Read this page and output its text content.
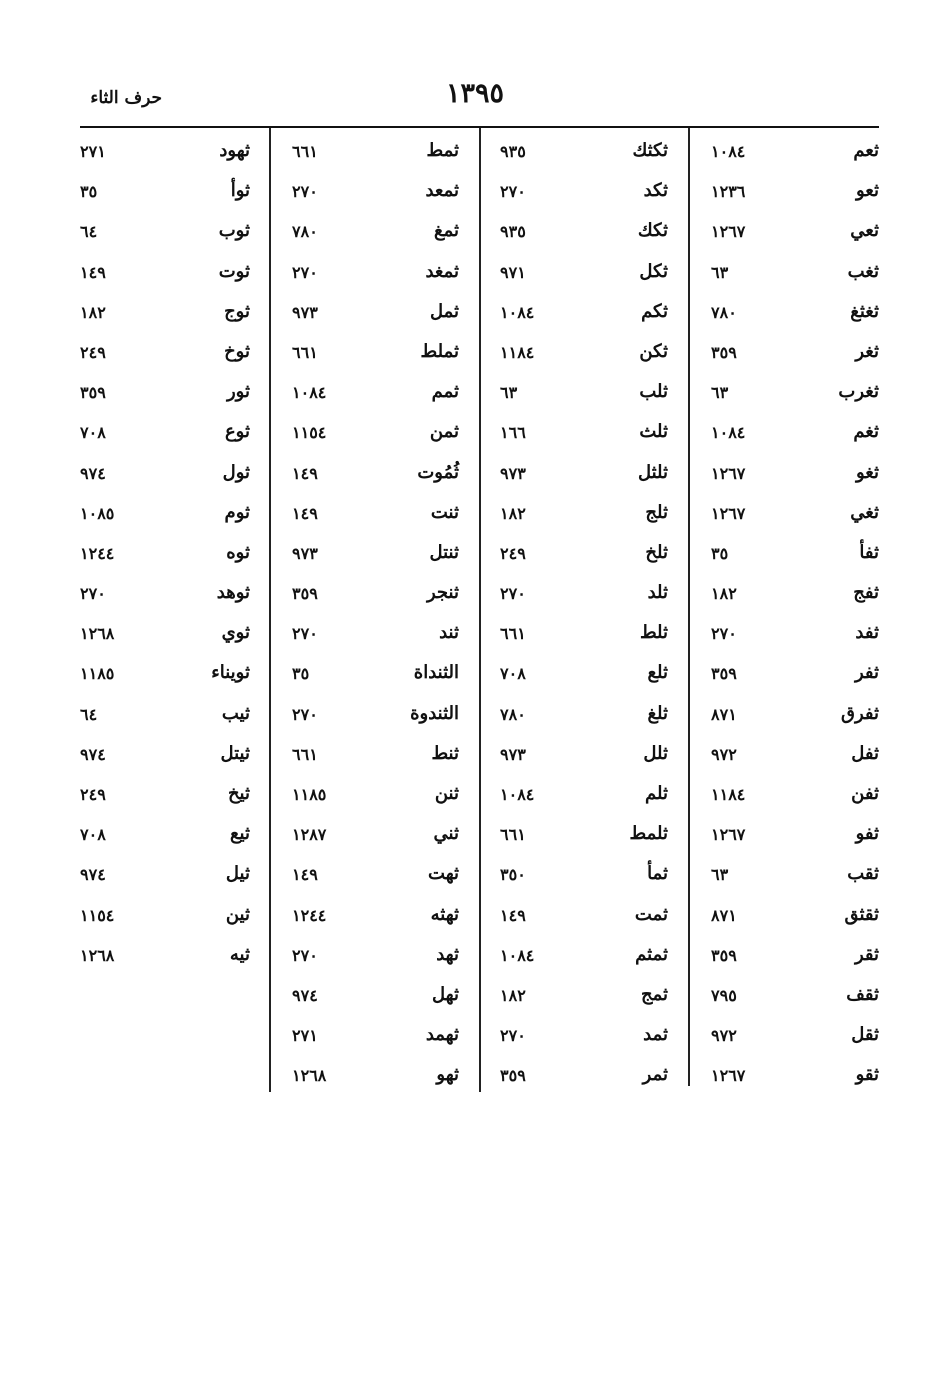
١٣٩٥
حرف الثاء
ثعم
١٠٨٤
ثعو
١٢٣٦
ثعي
١٢٦٧
ثغب
٦٣
ثغثغ
٧٨٠
ثغر
٣٥٩
ثغرب
٦٣
ثغم
١٠٨٤
ثغو
١٢٦٧
ثغي
١٢٦٧
ثفأ
٣٥
ثفج
١٨٢
ثفد
٢٧٠
ثفر
٣٥٩
ثفرق
٨٧١
ثفل
٩٧٢
ثفن
١١٨٤
ثفو
١٢٦٧
ثقب
٦٣
ثقثق
٨٧١
ثقر
٣٥٩
ثقف
٧٩٥
ثقل
٩٧٢
ثقو
١٢٦٧
ثكثك
٩٣٥
ثكد
٢٧٠
ثكك
٩٣٥
ثكل
٩٧١
ثكم
١٠٨٤
ثكن
١١٨٤
ثلب
٦٣
ثلث
١٦٦
ثلثل
٩٧٣
ثلج
١٨٢
ثلخ
٢٤٩
ثلد
٢٧٠
ثلط
٦٦١
ثلع
٧٠٨
ثلغ
٧٨٠
ثلل
٩٧٣
ثلم
١٠٨٤
ثلمط
٦٦١
ثمأ
٣٥٠
ثمت
١٤٩
ثمثم
١٠٨٤
ثمج
١٨٢
ثمد
٢٧٠
ثمر
٣٥٩
ثمط
٦٦١
ثمعد
٢٧٠
ثمغ
٧٨٠
ثمغد
٢٧٠
ثمل
٩٧٣
ثملط
٦٦١
ثمم
١٠٨٤
ثمن
١١٥٤
ثُمُوت
١٤٩
ثنت
١٤٩
ثنتل
٩٧٣
ثنجر
٣٥٩
ثند
٢٧٠
الثنداة
٣٥
الثندوة
٢٧٠
ثنط
٦٦١
ثنن
١١٨٥
ثني
١٢٨٧
ثهت
١٤٩
ثهثه
١٢٤٤
ثهد
٢٧٠
ثهل
٩٧٤
ثهمد
٢٧١
ثهو
١٢٦٨
ثهود
٢٧١
ثوأ
٣٥
ثوب
٦٤
ثوت
١٤٩
ثوج
١٨٢
ثوخ
٢٤٩
ثور
٣٥٩
ثوع
٧٠٨
ثول
٩٧٤
ثوم
١٠٨٥
ثوه
١٢٤٤
ثوهد
٢٧٠
ثوي
١٢٦٨
ثويناء
١١٨٥
ثيب
٦٤
ثيتل
٩٧٤
ثيخ
٢٤٩
ثيع
٧٠٨
ثيل
٩٧٤
ثين
١١٥٤
ثيه
١٢٦٨
